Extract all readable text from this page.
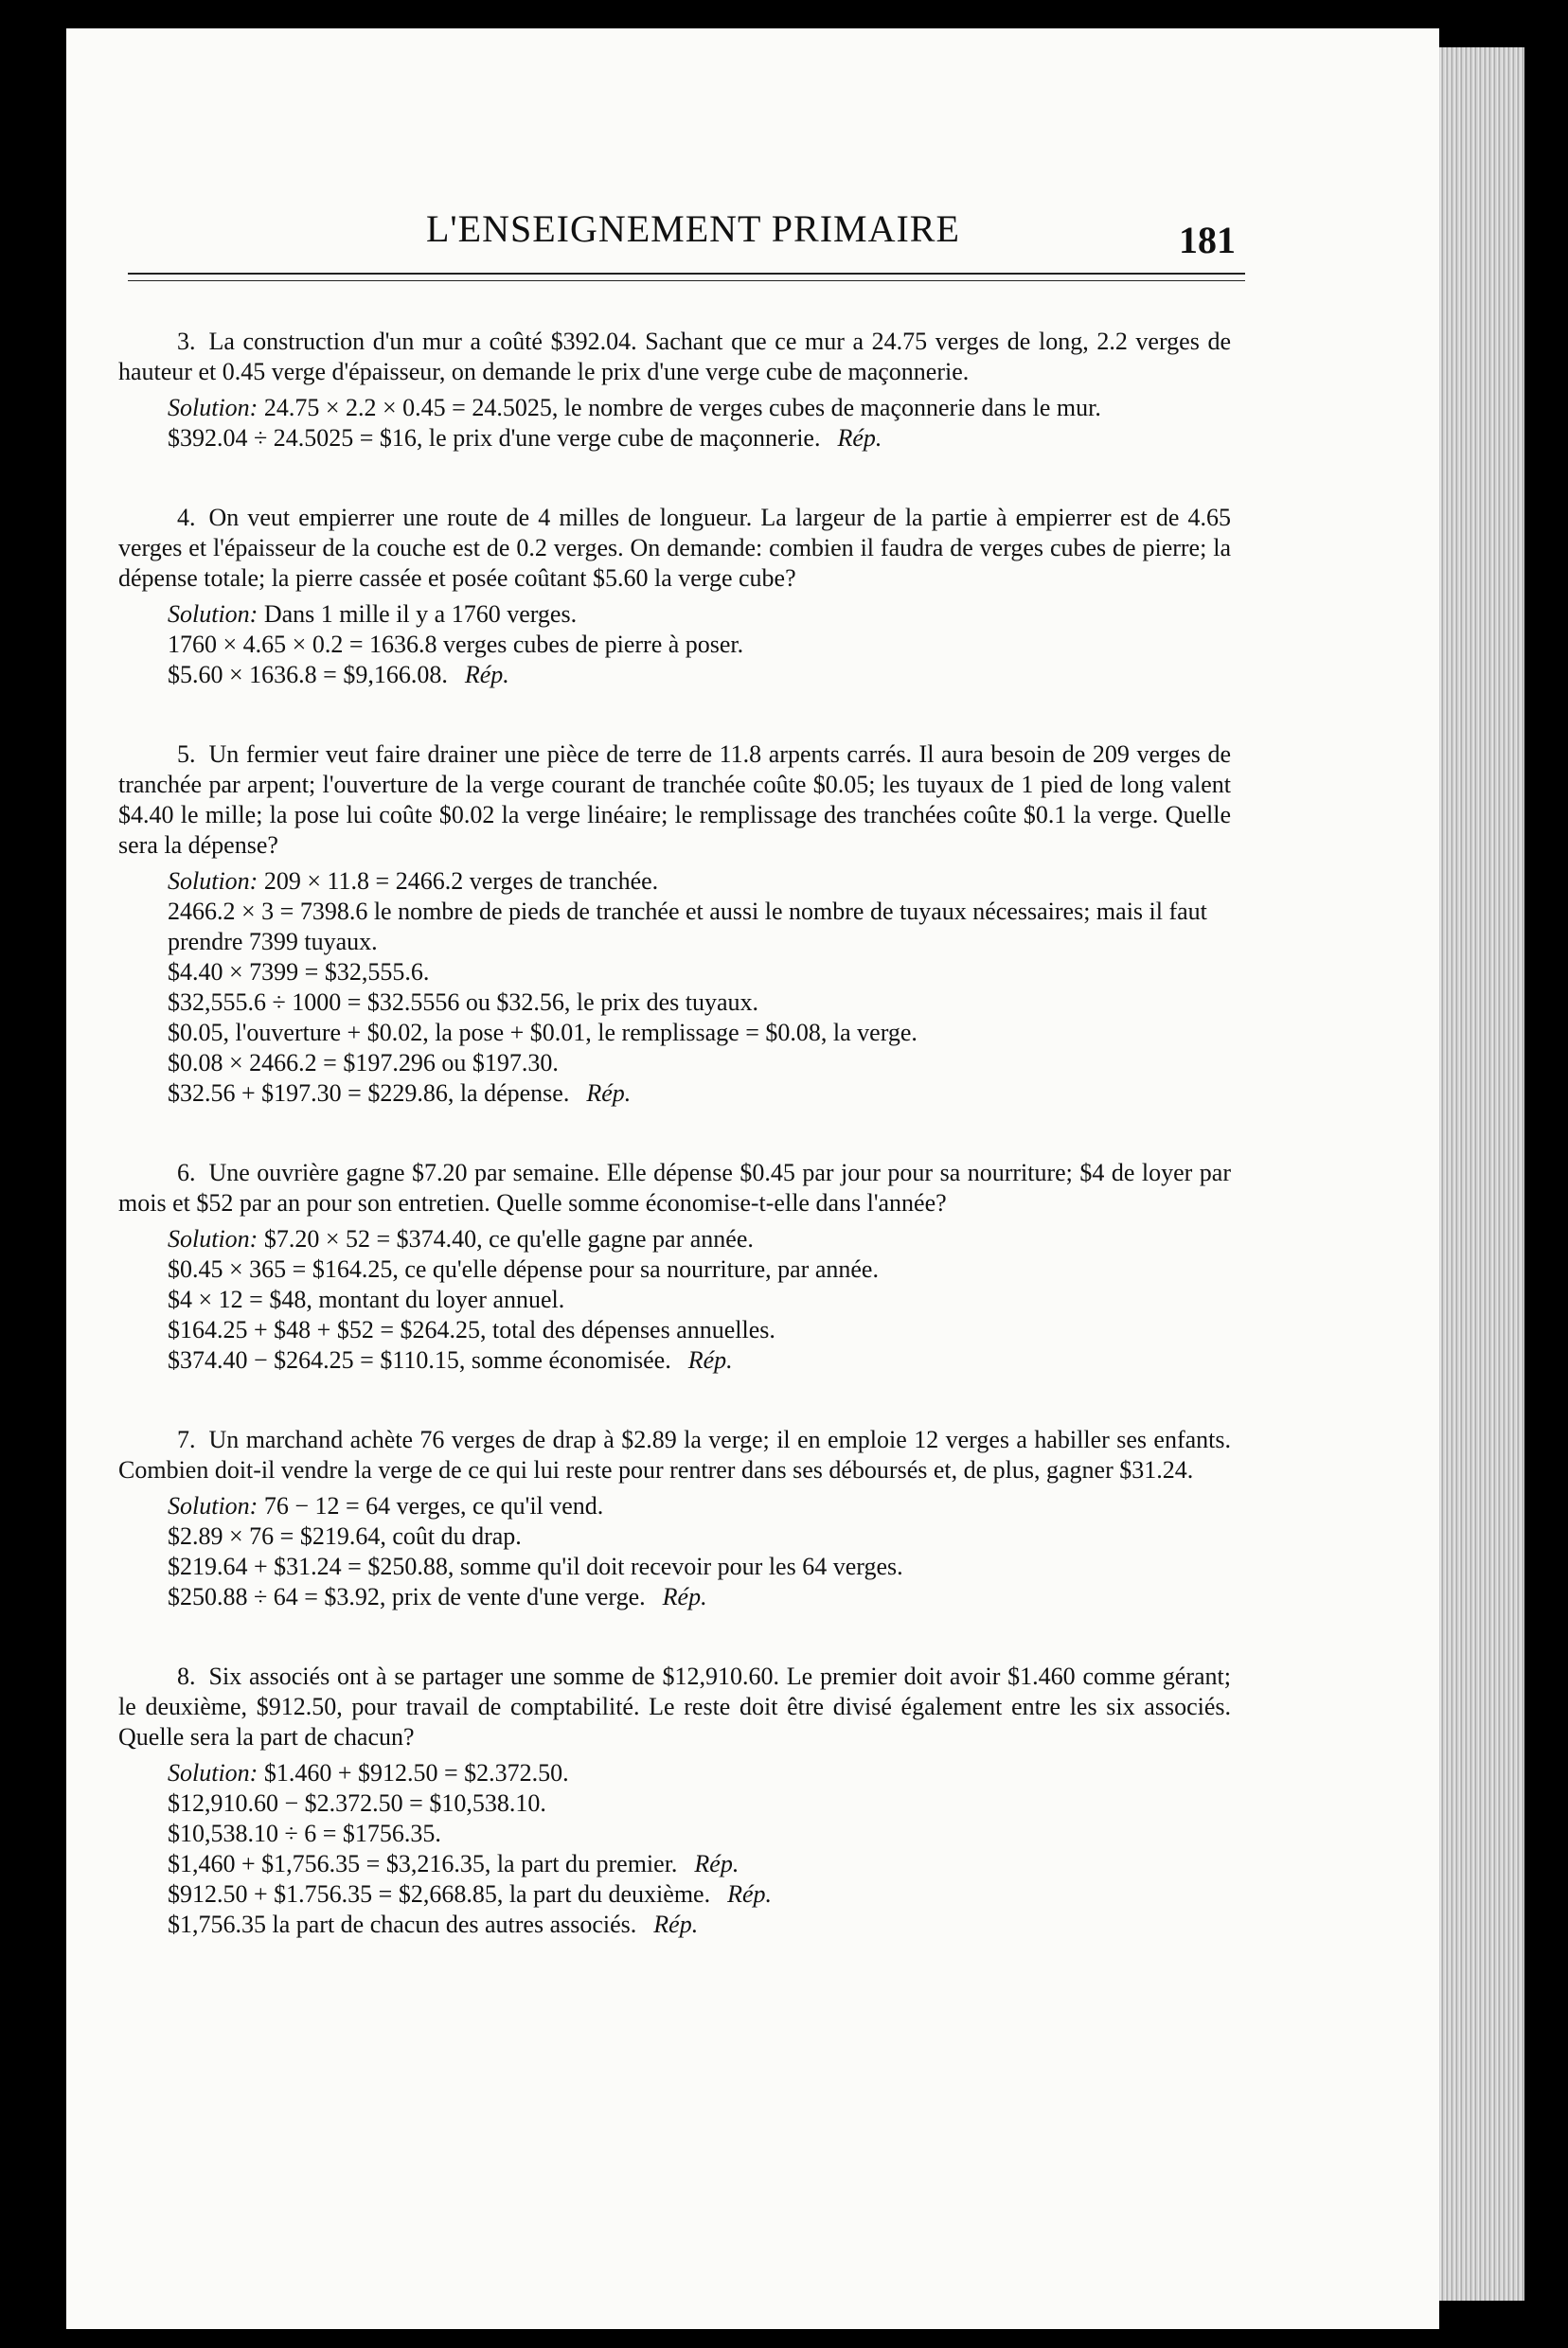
L'ENSEIGNEMENT PRIMAIRE	181

3. La construction d'un mur a coûté $392.04. Sachant que ce mur a 24.75 verges de long, 2.2 verges de hauteur et 0.45 verge d'épaisseur, on demande le prix d'une verge cube de maçonnerie.

Solution: 24.75 × 2.2 × 0.45 = 24.5025, le nombre de verges cubes de maçonnerie dans le mur.
$392.04 ÷ 24.5025 = $16, le prix d'une verge cube de maçonnerie. Rép.

4. On veut empierrer une route de 4 milles de longueur. La largeur de la partie à empierrer est de 4.65 verges et l'épaisseur de la couche est de 0.2 verges. On demande: combien il faudra de verges cubes de pierre; la dépense totale; la pierre cassée et posée coûtant $5.60 la verge cube?

Solution: Dans 1 mille il y a 1760 verges.
1760 × 4.65 × 0.2 = 1636.8 verges cubes de pierre à poser.
$5.60 × 1636.8 = $9,166.08. Rép.

5. Un fermier veut faire drainer une pièce de terre de 11.8 arpents carrés. Il aura besoin de 209 verges de tranchée par arpent; l'ouverture de la verge courant de tranchée coûte $0.05; les tuyaux de 1 pied de long valent $4.40 le mille; la pose lui coûte $0.02 la verge linéaire; le remplissage des tranchées coûte $0.1 la verge. Quelle sera la dépense?

Solution: 209 × 11.8 = 2466.2 verges de tranchée.
2466.2 × 3 = 7398.6 le nombre de pieds de tranchée et aussi le nombre de tuyaux nécessaires; mais il faut prendre 7399 tuyaux.
$4.40 × 7399 = $32,555.6.
$32,555.6 ÷ 1000 = $32.5556 ou $32.56, le prix des tuyaux.
$0.05, l'ouverture + $0.02, la pose + $0.01, le remplissage = $0.08, la verge.
$0.08 × 2466.2 = $197.296 ou $197.30.
$32.56 + $197.30 = $229.86, la dépense. Rép.

6. Une ouvrière gagne $7.20 par semaine. Elle dépense $0.45 par jour pour sa nourriture; $4 de loyer par mois et $52 par an pour son entretien. Quelle somme économise-t-elle dans l'année?

Solution: $7.20 × 52 = $374.40, ce qu'elle gagne par année.
$0.45 × 365 = $164.25, ce qu'elle dépense pour sa nourriture, par année.
$4 × 12 = $48, montant du loyer annuel.
$164.25 + $48 + $52 = $264.25, total des dépenses annuelles.
$374.40 − $264.25 = $110.15, somme économisée. Rép.

7. Un marchand achète 76 verges de drap à $2.89 la verge; il en emploie 12 verges a habiller ses enfants. Combien doit-il vendre la verge de ce qui lui reste pour rentrer dans ses déboursés et, de plus, gagner $31.24.

Solution: 76 − 12 = 64 verges, ce qu'il vend.
$2.89 × 76 = $219.64, coût du drap.
$219.64 + $31.24 = $250.88, somme qu'il doit recevoir pour les 64 verges.
$250.88 ÷ 64 = $3.92, prix de vente d'une verge. Rép.

8. Six associés ont à se partager une somme de $12,910.60. Le premier doit avoir $1.460 comme gérant; le deuxième, $912.50, pour travail de comptabilité. Le reste doit être divisé également entre les six associés. Quelle sera la part de chacun?

Solution: $1.460 + $912.50 = $2.372.50.
$12,910.60 − $2.372.50 = $10,538.10.
$10,538.10 ÷ 6 = $1756.35.
$1,460 + $1,756.35 = $3,216.35, la part du premier. Rép.
$912.50 + $1.756.35 = $2,668.85, la part du deuxième. Rép.
$1,756.35 la part de chacun des autres associés. Rép.
